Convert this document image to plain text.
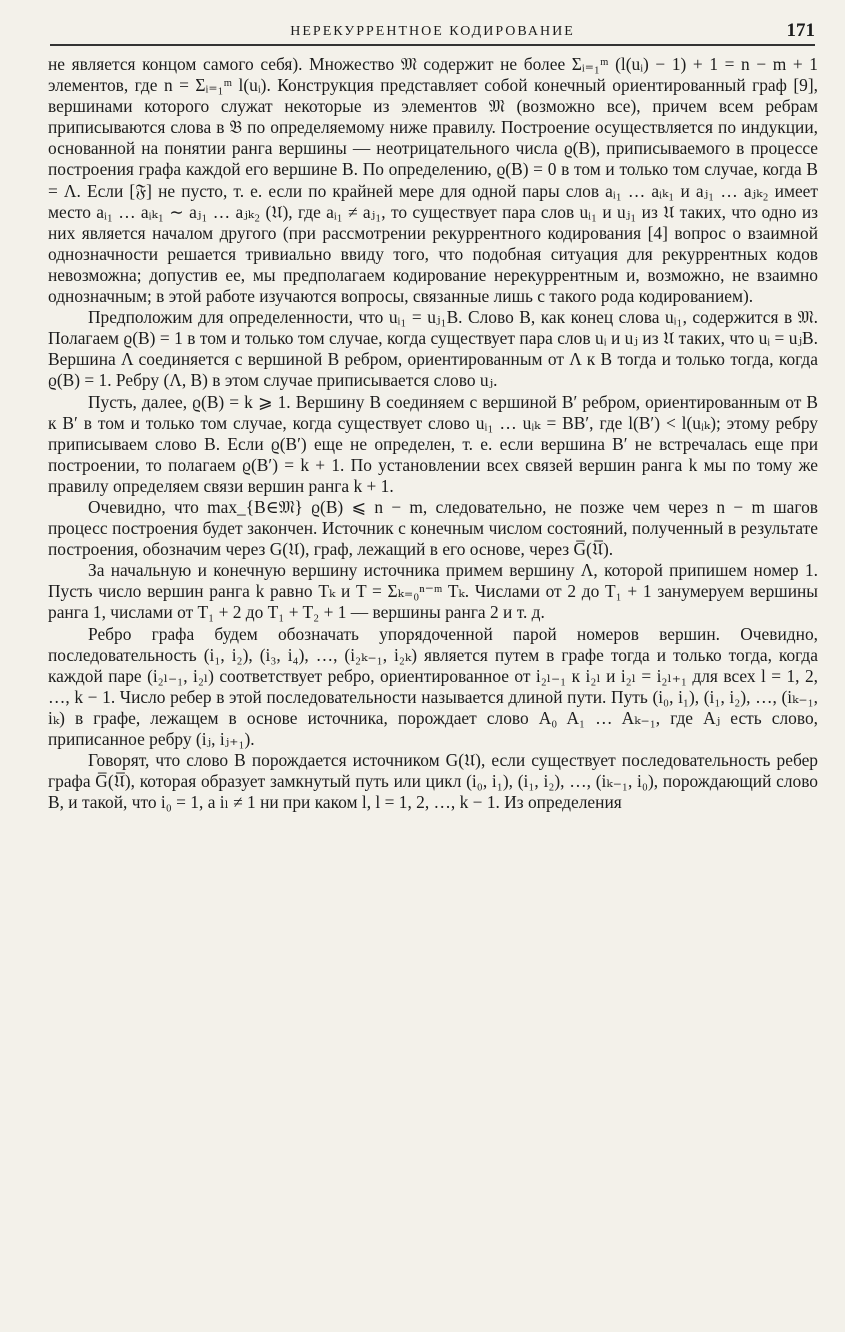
НЕРЕКУРРЕНТНОЕ КОДИРОВАНИЕ	171

не является концом самого себя). Множество 𝔐 содержит не более Σᵢ₌₁ᵐ (l(uᵢ) − 1) + 1 = n − m + 1 элементов, где n = Σᵢ₌₁ᵐ l(uᵢ). Конструкция представляет собой конечный ориентированный граф [9], вершинами которого служат некоторые из элементов 𝔐 (возможно все), причем всем ребрам приписываются слова в 𝔅 по определяемому ниже правилу. Построение осуществляется по индукции, основанной на понятии ранга вершины — неотрицательного числа ϱ(B), приписываемого в процессе построения графа каждой его вершине B. По определению, ϱ(B) = 0 в том и только том случае, когда B = Λ. Если [𝔉] не пусто, т. е. если по крайней мере для одной пары слов aᵢ₁ … aᵢₖ₁ и aⱼ₁ … aⱼₖ₂ имеет место aᵢ₁ … aᵢₖ₁ ∼ aⱼ₁ … aⱼₖ₂ (𝔘), где aᵢ₁ ≠ aⱼ₁, то существует пара слов uᵢ₁ и uⱼ₁ из 𝔘 таких, что одно из них является началом другого (при рассмотрении рекуррентного кодирования [4] вопрос о взаимной однозначности решается тривиально ввиду того, что подобная ситуация для рекуррентных кодов невозможна; допустив ее, мы предполагаем кодирование нерекуррентным и, возможно, не взаимно однозначным; в этой работе изучаются вопросы, связанные лишь с такого рода кодированием).

Предположим для определенности, что uᵢ₁ = uⱼ₁B. Слово B, как конец слова uᵢ₁, содержится в 𝔐. Полагаем ϱ(B) = 1 в том и только том случае, когда существует пара слов uᵢ и uⱼ из 𝔘 таких, что uᵢ = uⱼB. Вершина Λ соединяется с вершиной B ребром, ориентированным от Λ к B тогда и только тогда, когда ϱ(B) = 1. Ребру (Λ, B) в этом случае приписывается слово uⱼ.

Пусть, далее, ϱ(B) = k ⩾ 1. Вершину B соединяем с вершиной B′ ребром, ориентированным от B к B′ в том и только том случае, когда существует слово uᵢ₁ … uᵢₖ = BB′, где l(B′) < l(uᵢₖ); этому ребру приписываем слово B. Если ϱ(B′) еще не определен, т. е. если вершина B′ не встречалась еще при построении, то полагаем ϱ(B′) = k + 1. По установлении всех связей вершин ранга k мы по тому же правилу определяем связи вершин ранга k + 1.

Очевидно, что max_{B∈𝔐} ϱ(B) ⩽ n − m, следовательно, не позже чем через n − m шагов процесс построения будет закончен. Источник с конечным числом состояний, полученный в результате построения, обозначим через G(𝔘), граф, лежащий в его основе, через G̅(𝔘̅).

За начальную и конечную вершину источника примем вершину Λ, которой припишем номер 1. Пусть число вершин ранга k равно Tₖ и T = Σₖ₌₀ⁿ⁻ᵐ Tₖ. Числами от 2 до T₁ + 1 занумеруем вершины ранга 1, числами от T₁ + 2 до T₁ + T₂ + 1 — вершины ранга 2 и т. д.

Ребро графа будем обозначать упорядоченной парой номеров вершин. Очевидно, последовательность (i₁, i₂), (i₃, i₄), …, (i₂ₖ₋₁, i₂ₖ) является путем в графе тогда и только тогда, когда каждой паре (i₂ₗ₋₁, i₂ₗ) соответствует ребро, ориентированное от i₂ₗ₋₁ к i₂ₗ и i₂ₗ = i₂ₗ₊₁ для всех l = 1, 2, …, k − 1. Число ребер в этой последовательности называется длиной пути. Путь (i₀, i₁), (i₁, i₂), …, (iₖ₋₁, iₖ) в графе, лежащем в основе источника, порождает слово A₀ A₁ … Aₖ₋₁, где Aⱼ есть слово, приписанное ребру (iⱼ, iⱼ₊₁).

Говорят, что слово B порождается источником G(𝔘), если существует последовательность ребер графа G̅(𝔘̅), которая образует замкнутый путь или цикл (i₀, i₁), (i₁, i₂), …, (iₖ₋₁, i₀), порождающий слово B, и такой, что i₀ = 1, а iₗ ≠ 1 ни при каком l, l = 1, 2, …, k − 1. Из определения
